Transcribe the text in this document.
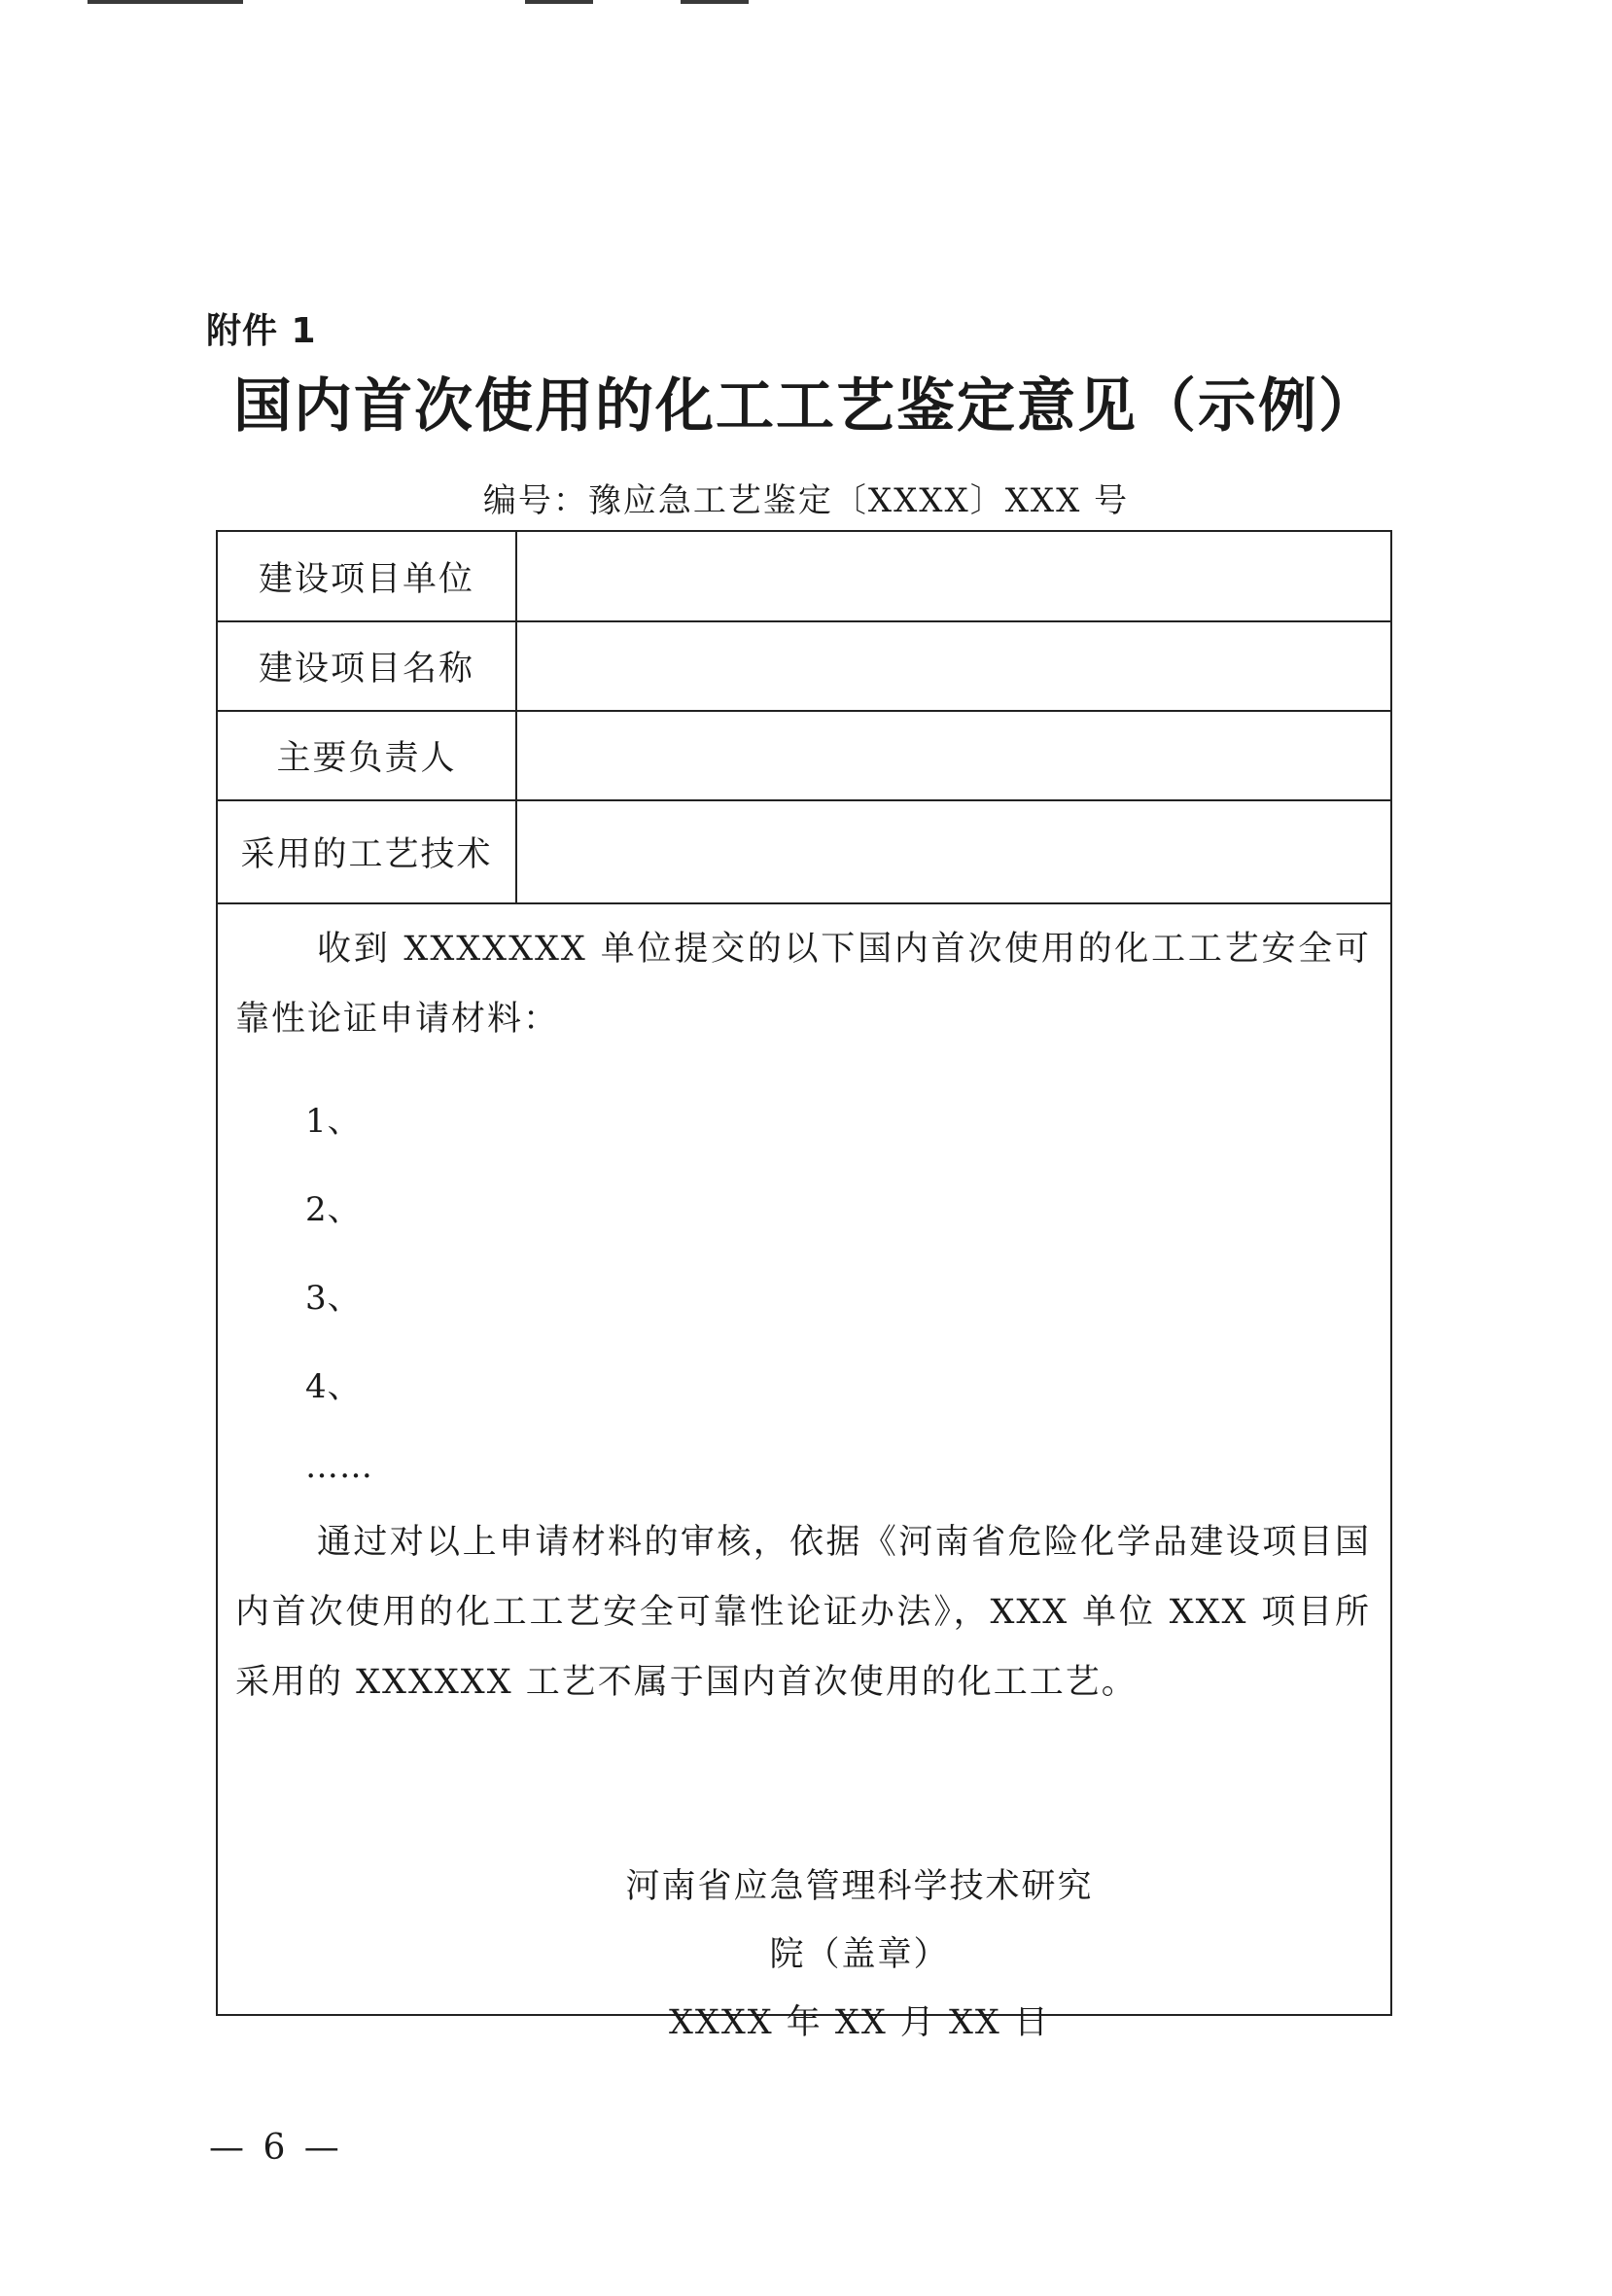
附件 1
国内首次使用的化工工艺鉴定意见（示例）
编号：豫应急工艺鉴定〔XXXX〕XXX 号
建设项目单位
建设项目名称
主要负责人
采用的工艺技术
收到 XXXXXXX 单位提交的以下国内首次使用的化工工艺安全可靠性论证申请材料：
1、
2、
3、
4、
……
通过对以上申请材料的审核，依据《河南省危险化学品建设项目国内首次使用的化工工艺安全可靠性论证办法》，XXX 单位 XXX 项目所采用的 XXXXXX 工艺不属于国内首次使用的化工工艺。
河南省应急管理科学技术研究院（盖章）
XXXX 年 XX 月 XX 日
— 6 —
